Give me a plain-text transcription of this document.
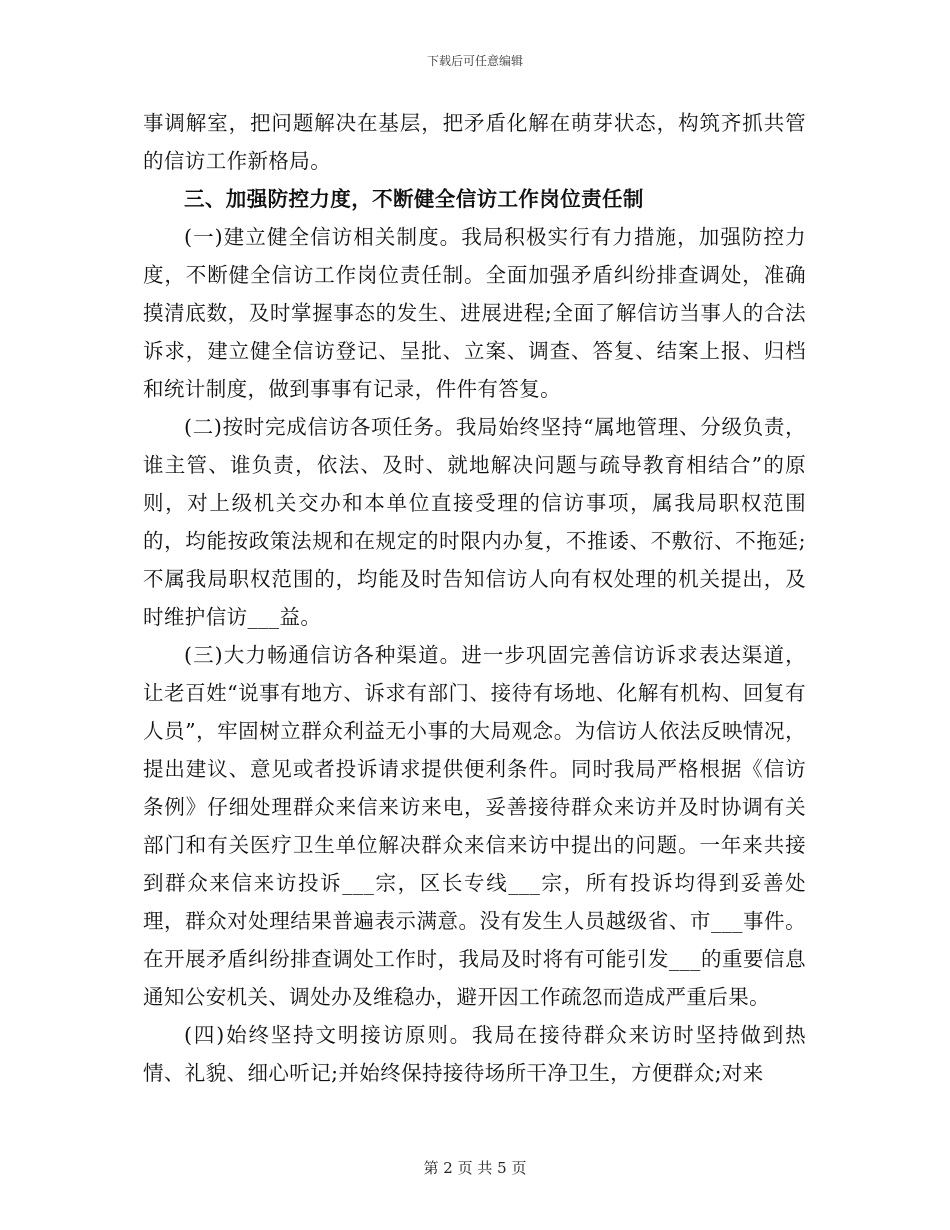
下载后可任意编辑

事调解室，把问题解决在基层，把矛盾化解在萌芽状态，构筑齐抓共管的信访工作新格局。

三、加强防控力度，不断健全信访工作岗位责任制

(一)建立健全信访相关制度。我局积极实行有力措施，加强防控力度，不断健全信访工作岗位责任制。全面加强矛盾纠纷排查调处，准确摸清底数，及时掌握事态的发生、进展进程;全面了解信访当事人的合法诉求，建立健全信访登记、呈批、立案、调查、答复、结案上报、归档和统计制度，做到事事有记录，件件有答复。

(二)按时完成信访各项任务。我局始终坚持“属地管理、分级负责，谁主管、谁负责，依法、及时、就地解决问题与疏导教育相结合”的原则，对上级机关交办和本单位直接受理的信访事项，属我局职权范围的，均能按政策法规和在规定的时限内办复，不推诿、不敷衍、不拖延;不属我局职权范围的，均能及时告知信访人向有权处理的机关提出，及时维护信访___益。

(三)大力畅通信访各种渠道。进一步巩固完善信访诉求表达渠道，让老百姓“说事有地方、诉求有部门、接待有场地、化解有机构、回复有人员”，牢固树立群众利益无小事的大局观念。为信访人依法反映情况，提出建议、意见或者投诉请求提供便利条件。同时我局严格根据《信访条例》仔细处理群众来信来访来电，妥善接待群众来访并及时协调有关部门和有关医疗卫生单位解决群众来信来访中提出的问题。一年来共接到群众来信来访投诉___宗，区长专线___宗，所有投诉均得到妥善处理，群众对处理结果普遍表示满意。没有发生人员越级省、市___事件。在开展矛盾纠纷排查调处工作时，我局及时将有可能引发___的重要信息通知公安机关、调处办及维稳办，避开因工作疏忽而造成严重后果。

(四)始终坚持文明接访原则。我局在接待群众来访时坚持做到热情、礼貌、细心听记;并始终保持接待场所干净卫生，方便群众;对来

第 2 页 共 5 页
